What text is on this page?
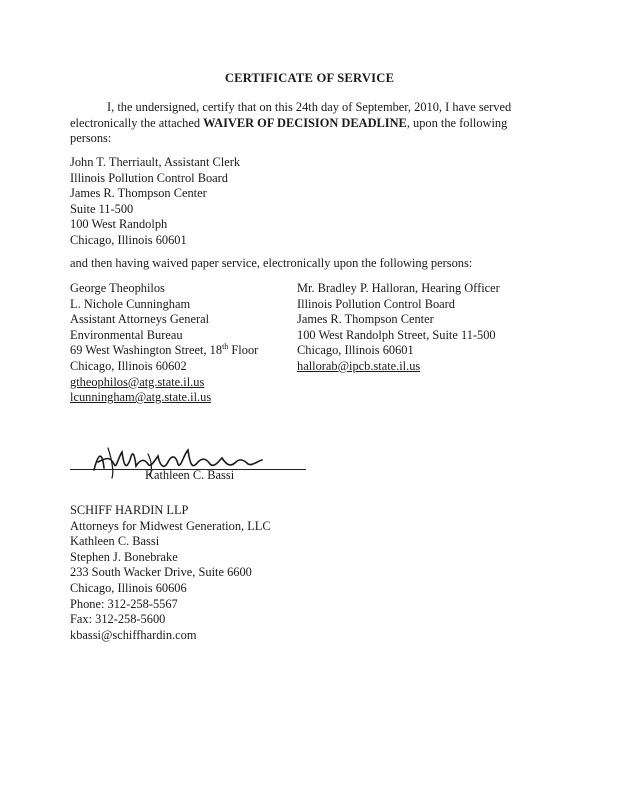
CERTIFICATE OF SERVICE
I, the undersigned, certify that on this 24th day of September, 2010, I have served electronically the attached WAIVER OF DECISION DEADLINE, upon the following persons:
John T. Therriault, Assistant Clerk
Illinois Pollution Control Board
James R. Thompson Center
Suite 11-500
100 West Randolph
Chicago, Illinois 60601
and then having waived paper service, electronically upon the following persons:
George Theophilos
L. Nichole Cunningham
Assistant Attorneys General
Environmental Bureau
69 West Washington Street, 18th Floor
Chicago, Illinois 60602
gtheophilos@atg.state.il.us
lcunningham@atg.state.il.us
Mr. Bradley P. Halloran, Hearing Officer
Illinois Pollution Control Board
James R. Thompson Center
100 West Randolph Street, Suite 11-500
Chicago, Illinois 60601
hallorab@ipcb.state.il.us
Kathleen C. Bassi
SCHIFF HARDIN LLP
Attorneys for Midwest Generation, LLC
Kathleen C. Bassi
Stephen J. Bonebrake
233 South Wacker Drive, Suite 6600
Chicago, Illinois 60606
Phone: 312-258-5567
Fax: 312-258-5600
kbassi@schiffhardin.com
